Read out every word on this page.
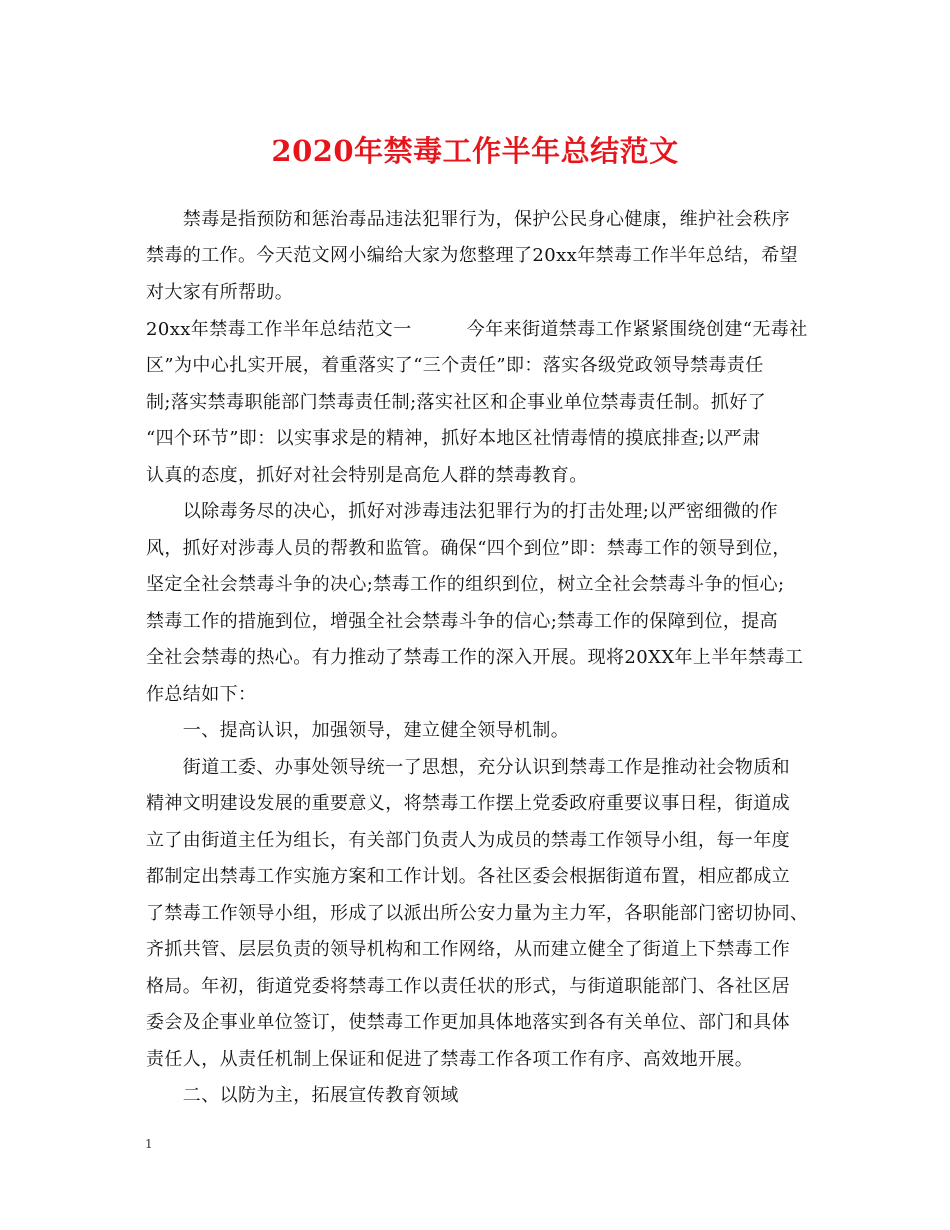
2020年禁毒工作半年总结范文
　　禁毒是指预防和惩治毒品违法犯罪行为，保护公民身心健康，维护社会秩序
禁毒的工作。今天范文网小编给大家为您整理了20xx年禁毒工作半年总结，希望
对大家有所帮助。
20xx年禁毒工作半年总结范文一　　　今年来街道禁毒工作紧紧围绕创建“无毒社
区”为中心扎实开展，着重落实了“三个责任”即：落实各级党政领导禁毒责任
制;落实禁毒职能部门禁毒责任制;落实社区和企事业单位禁毒责任制。抓好了
“四个环节”即：以实事求是的精神，抓好本地区社情毒情的摸底排查;以严肃
认真的态度，抓好对社会特别是高危人群的禁毒教育。
　　以除毒务尽的决心，抓好对涉毒违法犯罪行为的打击处理;以严密细微的作
风，抓好对涉毒人员的帮教和监管。确保“四个到位”即：禁毒工作的领导到位，
坚定全社会禁毒斗争的决心;禁毒工作的组织到位，树立全社会禁毒斗争的恒心;
禁毒工作的措施到位，增强全社会禁毒斗争的信心;禁毒工作的保障到位，提高
全社会禁毒的热心。有力推动了禁毒工作的深入开展。现将20XX年上半年禁毒工
作总结如下：
　　一、提高认识，加强领导，建立健全领导机制。
　　街道工委、办事处领导统一了思想，充分认识到禁毒工作是推动社会物质和
精神文明建设发展的重要意义，将禁毒工作摆上党委政府重要议事日程，街道成
立了由街道主任为组长，有关部门负责人为成员的禁毒工作领导小组，每一年度
都制定出禁毒工作实施方案和工作计划。各社区委会根据街道布置，相应都成立
了禁毒工作领导小组，形成了以派出所公安力量为主力军，各职能部门密切协同、
齐抓共管、层层负责的领导机构和工作网络，从而建立健全了街道上下禁毒工作
格局。年初，街道党委将禁毒工作以责任状的形式，与街道职能部门、各社区居
委会及企事业单位签订，使禁毒工作更加具体地落实到各有关单位、部门和具体
责任人，从责任机制上保证和促进了禁毒工作各项工作有序、高效地开展。
　　二、以防为主，拓展宣传教育领域
1
